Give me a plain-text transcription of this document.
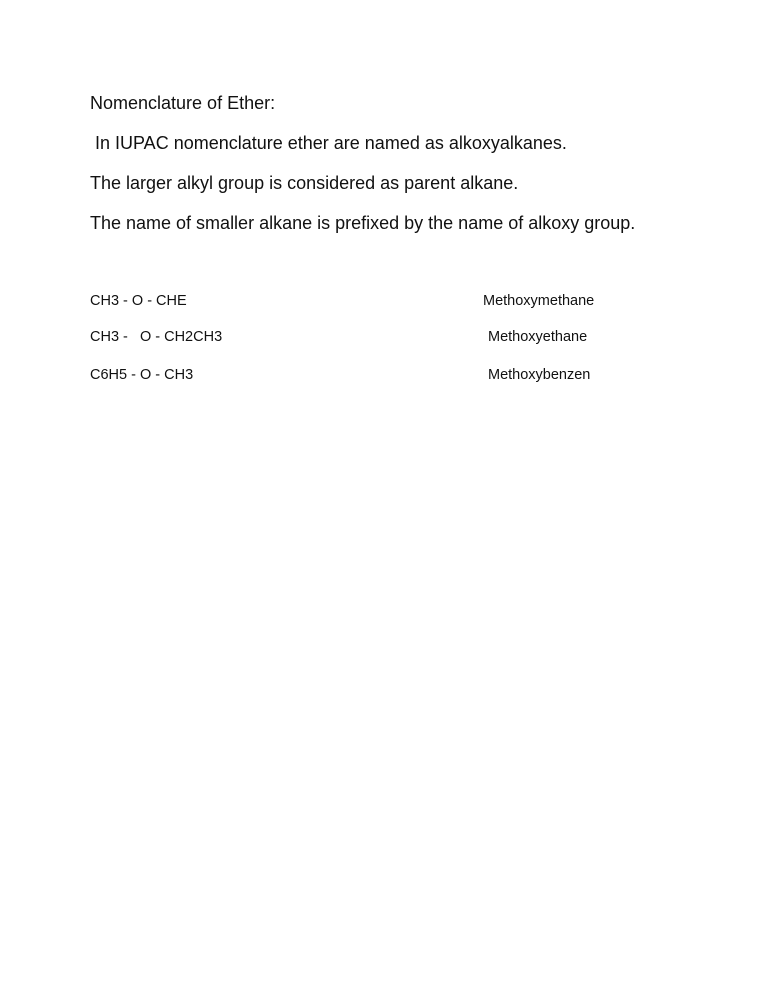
Nomenclature of Ether:
In IUPAC nomenclature ether are named as alkoxyalkanes.
The larger alkyl group is considered as parent alkane.
The name of smaller alkane is prefixed by the name of alkoxy group.
CH3 - O - CHE	Methoxymethane
CH3 -   O - CH2CH3	Methoxyethane
C6H5 - O - CH3	Methoxybenzen
